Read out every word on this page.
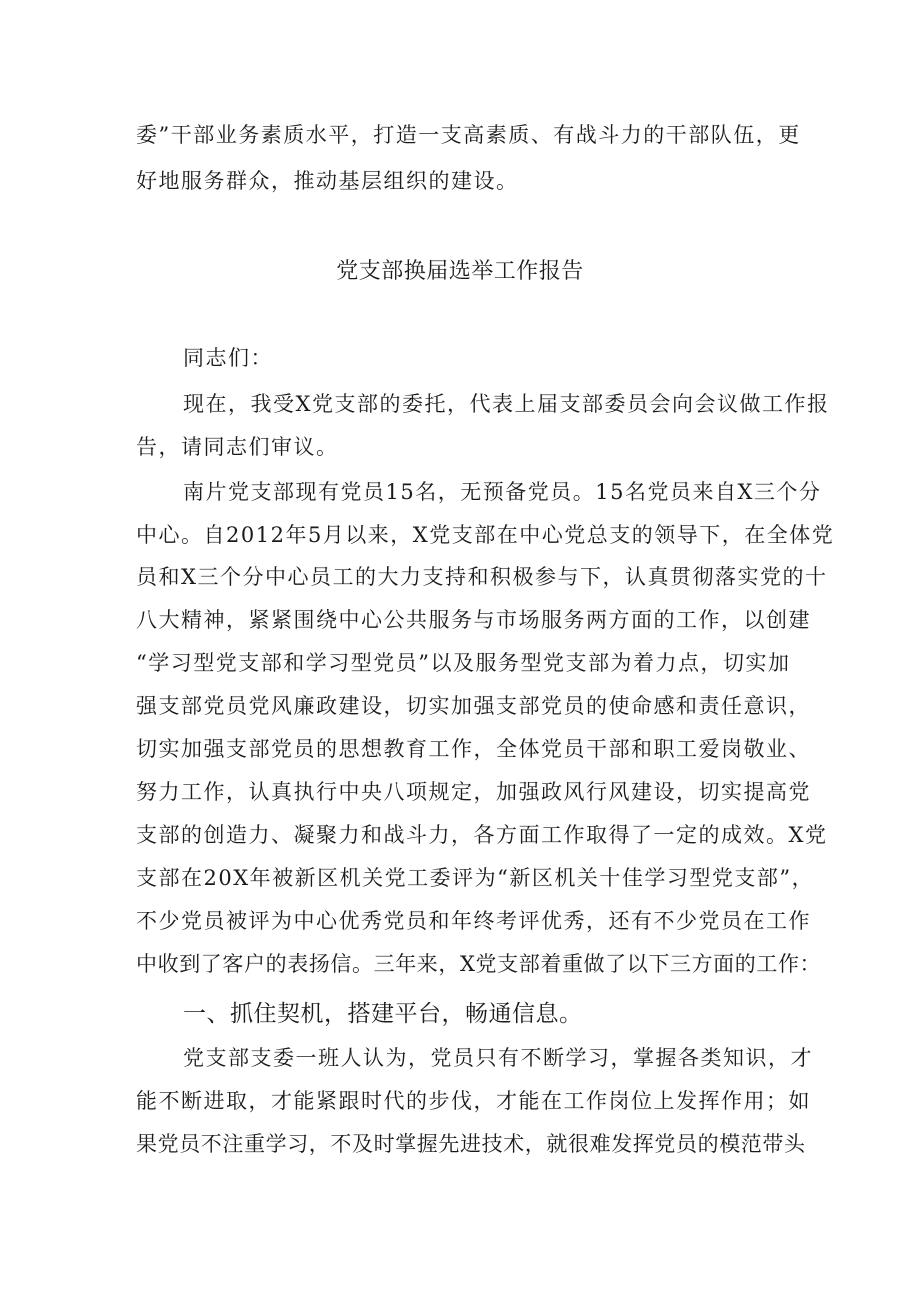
委”干部业务素质水平，打造一支高素质、有战斗力的干部队伍，更
好地服务群众，推动基层组织的建设。
党支部换届选举工作报告
同志们：
现在，我受X党支部的委托，代表上届支部委员会向会议做工作报
告，请同志们审议。
南片党支部现有党员15名，无预备党员。15名党员来自X三个分
中心。自2012年5月以来，X党支部在中心党总支的领导下，在全体党
员和X三个分中心员工的大力支持和积极参与下，认真贯彻落实党的十
八大精神，紧紧围绕中心公共服务与市场服务两方面的工作，以创建
“学习型党支部和学习型党员”以及服务型党支部为着力点，切实加
强支部党员党风廉政建设，切实加强支部党员的使命感和责任意识，
切实加强支部党员的思想教育工作，全体党员干部和职工爱岗敬业、
努力工作，认真执行中央八项规定，加强政风行风建设，切实提高党
支部的创造力、凝聚力和战斗力，各方面工作取得了一定的成效。X党
支部在20X年被新区机关党工委评为“新区机关十佳学习型党支部”，
不少党员被评为中心优秀党员和年终考评优秀，还有不少党员在工作
中收到了客户的表扬信。三年来，X党支部着重做了以下三方面的工作：
一、抓住契机，搭建平台，畅通信息。
党支部支委一班人认为，党员只有不断学习，掌握各类知识，才
能不断进取，才能紧跟时代的步伐，才能在工作岗位上发挥作用；如
果党员不注重学习，不及时掌握先进技术，就很难发挥党员的模范带头
